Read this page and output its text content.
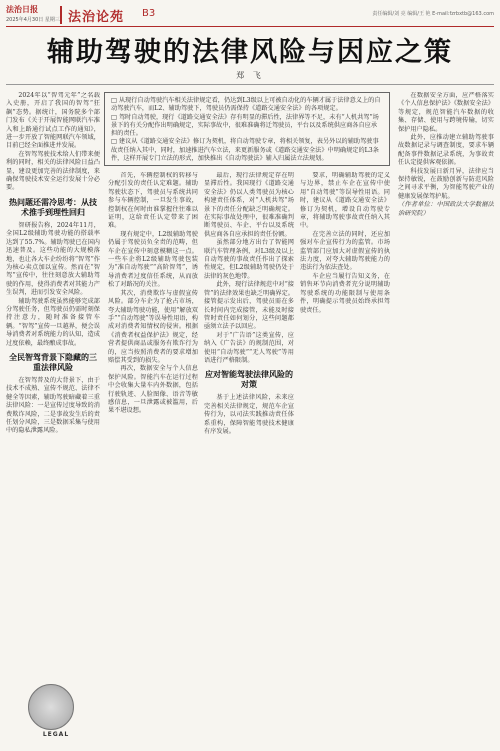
法治日报
2025年4月30日 星期三 法治论苑 B3	责任编辑/刘 亮 编辑/王 艳 E-mail:fzrbxtb@163.com
辅助驾驶的法律风险与因应之策
郑 飞

□ 从现行自动驾驶汽车相关法律规定看，仍达到L3级以上可被自动化的车辆才属于法律意义上的自动驾驶汽车，而L2、辅助驾驶下，驾驶员仍需保持《道路交通安全法》的各项规定。

□ 驾时自动驾驶，现行《道路交通安全法》存有明显的滞后性，法律界等不足，未有“人机共驾”场景下的有关分配作出明确规定，实际事故中，很难准确将迁驾驶员，平台以及系统供应商各自应承担的责任。

□ 建议从《道路交通安全法》修订为契机，将自动驾驶专章，将相关领复，表另外以的辅助驾驶事故责任纳入其中，同时，加速推进汽车立法，来更新服务或《道路交通安全法》中明确规定的L3条件，这样开展专门立法的形式，加快推出《自动驾驶法》辅入归属法立法规划。

2024年以“智驾元年”之名载入史册，开启了我国的智驾“狂飙”态势。据统计，国务院多个部门发布《关于开展智能网联汽车准入和上路通行试点工作的通知》，进一步开放了智能网联汽车领域，目前已经全面推进并发展。

在智驾驾驶技术给人们带来便利的同时，相关的法律风险日益凸显，建设更加完善的法律制度，来确保驾驶技术安全运行发展十分必要。

热问题还需冷思考：从技术推手到理性回归

智研报告称，2024年11月，全国L2级辅助驾驶功能的搭载率达到了55.7%。辅助驾驶已在国内迅速普及。这些功能的大规模落地，也让各大车企纷纷将“智驾”作为核心卖点加以宣传。然而在“智驾”宣传中，往往刻意放大辅助驾驶的作用，使得消费者对其能力产生误判，进而引发安全风险。

辅助驾驶系统虽然能够完成部分驾驶任务，但驾驶员仍需时刻保持注意力，随时准备接管车辆。“智驾”宣传一旦越界，便会误导消费者对系统能力的认知，造成过度依赖，最终酿成事故。

全民智驾背景下隐藏的三重法律风险

在智驾普及的大背景下，由于技术不成熟、宣传不规范、法律不健全等因素，辅助驾驶暗藏着三重法律风险：一是宣传过度导致的消费欺诈风险，二是事故发生后的责任划分风险，三是数据采集与使用中的隐私泄露风险。

LEGAL

首先，车辆控制权的转移与分配引发的责任认定难题。辅助驾驶状态下，驾驶员与系统共同参与车辆控制，一旦发生事故，控制权在何时由谁掌握往往难以证明，这给责任认定带来了困难。

现有规定中，L2级辅助驾驶仍属于驾驶员负全责的范畴，但车企在宣传中刻意模糊这一点。一些车企将L2级辅助驾驶包装为“准自动驾驶”“高阶智驾”，诱导消费者过度信任系统，从而放松了对路况的关注。

其次，消费欺诈与虚假宣传风险。部分车企为了抢占市场，夸大辅助驾驶功能，使用“解放双手”“自动驾驶”等误导性用语，构成对消费者知情权的侵害。根据《消费者权益保护法》规定，经营者提供商品或服务有欺诈行为的，应当按照消费者的要求增加赔偿其受到的损失。

再次，数据安全与个人信息保护风险。智能汽车在运行过程中会收集大量车内外数据，包括行驶轨迹、人脸图像、语音等敏感信息，一旦泄露或被滥用，后果不堪设想。

最后，现行法律规定存在明显滞后性。我国现行《道路交通安全法》仍以人类驾驶员为核心构建责任体系，对“人机共驾”场景下的责任分配缺乏明确规定。在实际事故处理中，很难准确判断驾驶员、车企、平台以及系统供应商各自应承担的责任份额。

虽然部分地方出台了智能网联汽车管理条例，对L3级及以上自动驾驶的事故责任作出了探索性规定，但L2级辅助驾驶仍处于法律的灰色地带。

此外，现行法律规范中对“接管”的法律效果也缺乏明确界定。接管提示发出后，驾驶员需在多长时间内完成接管，未能及时接管时责任如何划分，这些问题都亟须立法予以回应。

对于“广告语”这类宣传，应纳入《广告法》的规制范围，对使用“自动驾驶”“无人驾驶”等用语进行严格限制。

应对智能驾驶法律风险的对策

基于上述法律风险，未来应完善相关法律规定，规范车企宣传行为，以司法实践推动责任体系重构，保障智能驾驶技术健康有序发展。

要求，明确辅助驾驶的定义与边界，禁止车企在宣传中使用“自动驾驶”等误导性用语。同时，建议从《道路交通安全法》修订为契机，增设自动驾驶专章，将辅助驾驶事故责任纳入其中。

在完善立法的同时，还应加强对车企宣传行为的监管。市场监管部门应加大对虚假宣传的执法力度，对夸大辅助驾驶能力的违法行为依法查处。

车企应当履行告知义务，在销售环节向消费者充分说明辅助驾驶系统的功能限制与使用条件，明确提示驾驶员始终承担驾驶责任。

在数据安全方面，应严格落实《个人信息保护法》《数据安全法》等规定，规范智能汽车数据的收集、存储、使用与跨境传输，切实保护用户隐私。

此外，应推动建立辅助驾驶事故数据记录与调查制度，要求车辆配备事件数据记录系统，为事故责任认定提供客观依据。

科技发展日新月异，法律应当保持敏锐，在鼓励创新与防范风险之间寻求平衡，为智能驾驶产业的健康发展保驾护航。

（作者单位：中国政法大学数据法治研究院）
